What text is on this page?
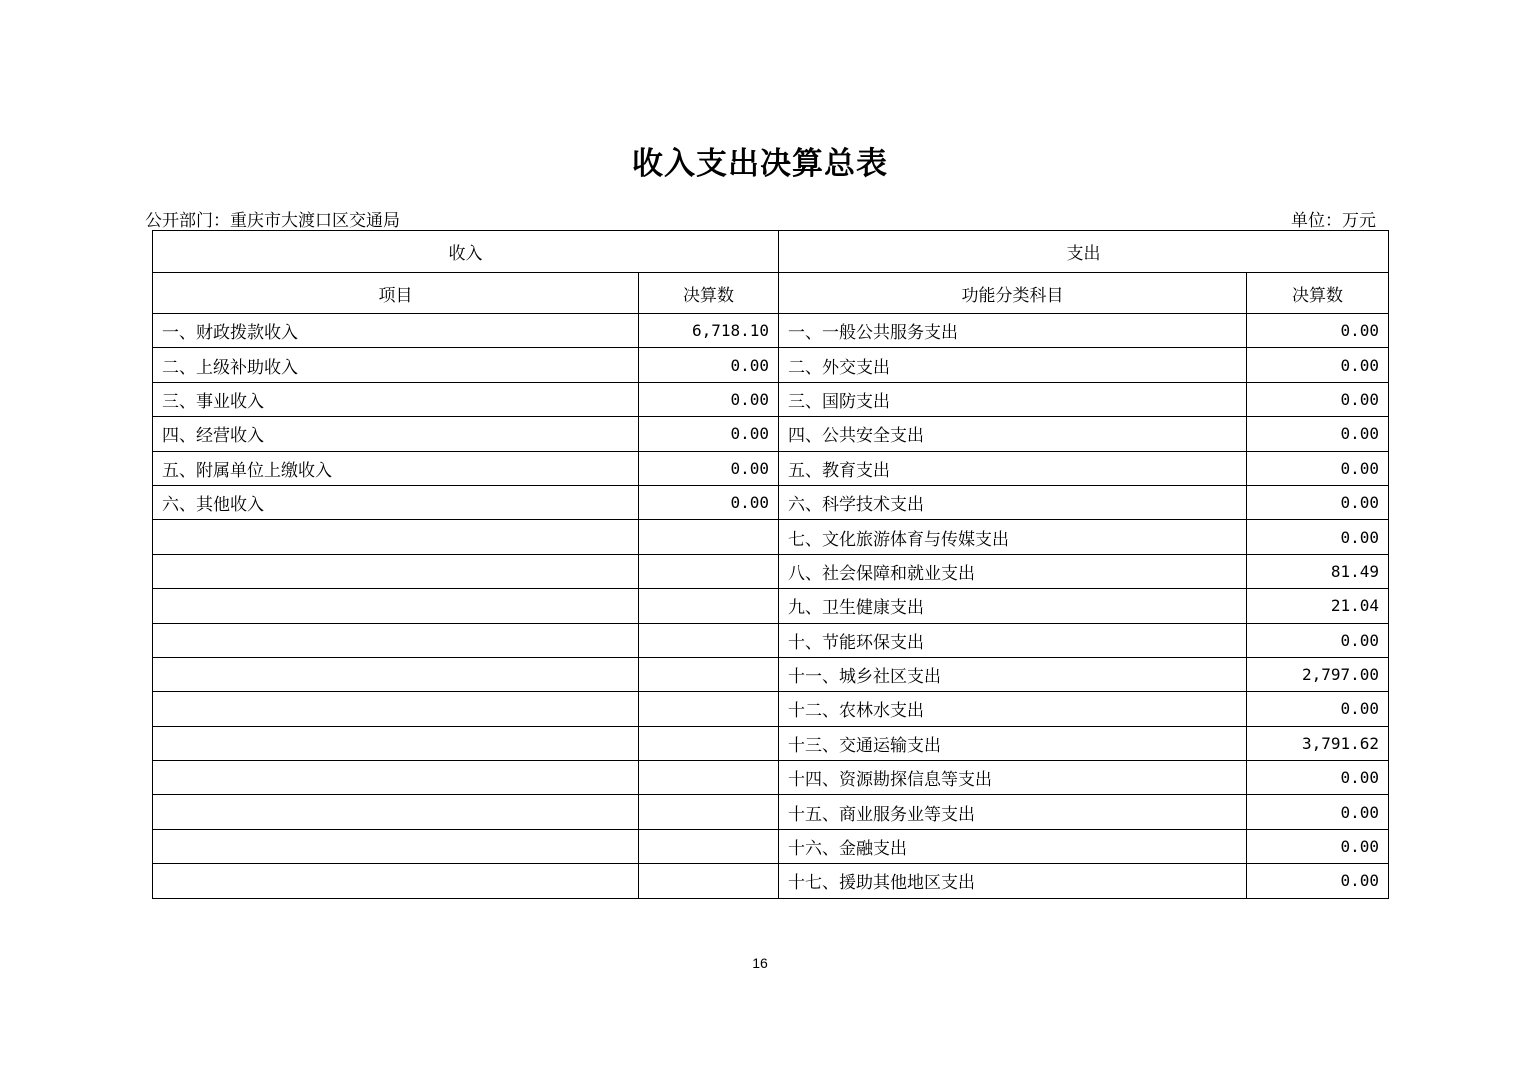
收入支出决算总表
公开部门：重庆市大渡口区交通局	单位：万元
收入		支出	
项目	决算数	功能分类科目	决算数
一、财政拨款收入	6,718.10	一、一般公共服务支出	0.00
二、上级补助收入	0.00	二、外交支出	0.00
三、事业收入	0.00	三、国防支出	0.00
四、经营收入	0.00	四、公共安全支出	0.00
五、附属单位上缴收入	0.00	五、教育支出	0.00
六、其他收入	0.00	六、科学技术支出	0.00
		七、文化旅游体育与传媒支出	0.00
		八、社会保障和就业支出	81.49
		九、卫生健康支出	21.04
		十、节能环保支出	0.00
		十一、城乡社区支出	2,797.00
		十二、农林水支出	0.00
		十三、交通运输支出	3,791.62
		十四、资源勘探信息等支出	0.00
		十五、商业服务业等支出	0.00
		十六、金融支出	0.00
		十七、援助其他地区支出	0.00
16
